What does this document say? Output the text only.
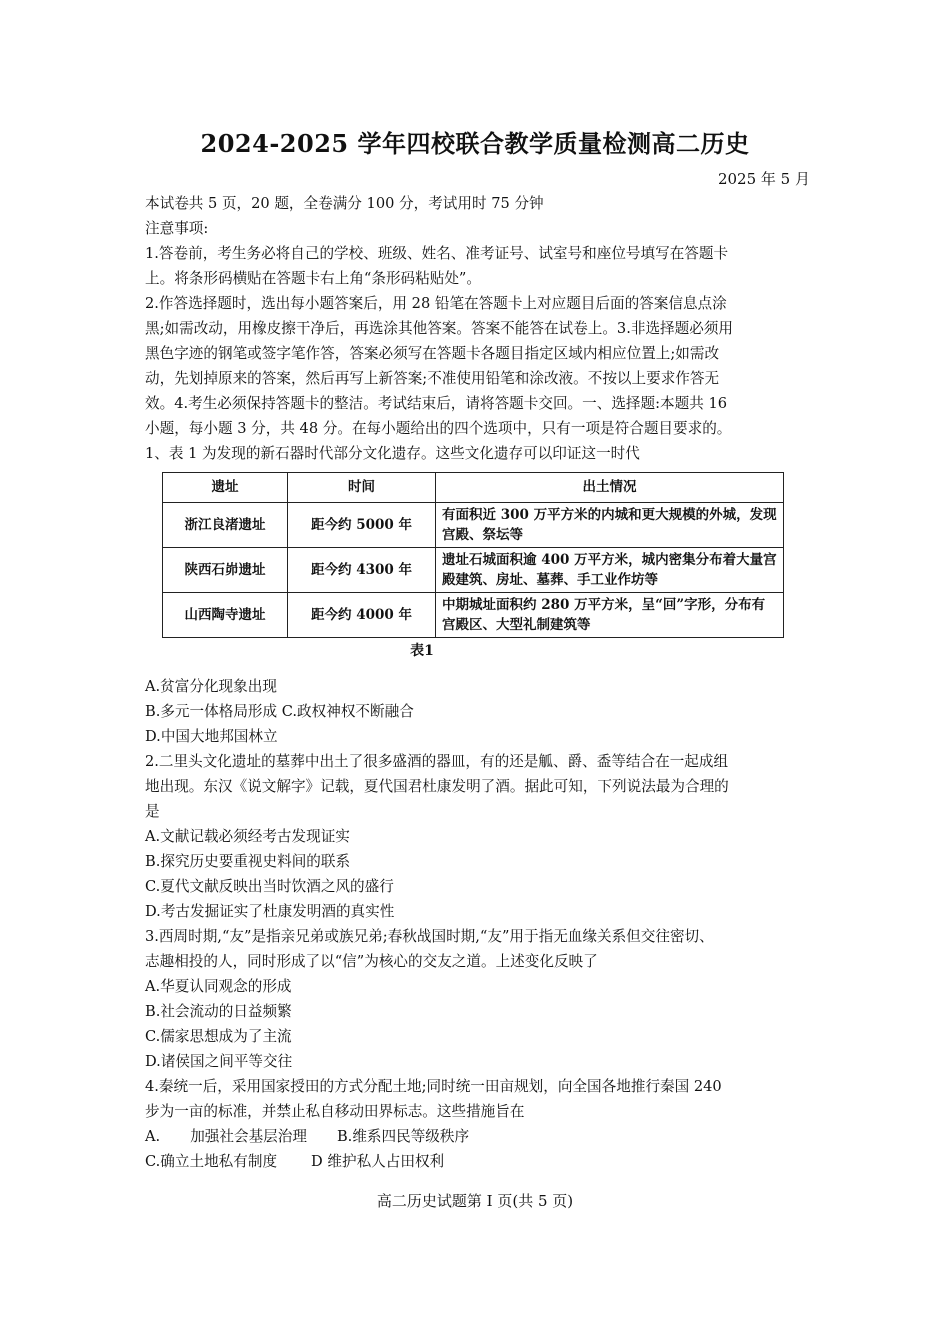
2024-2025 学年四校联合教学质量检测高二历史
2025 年 5 月
本试卷共 5 页，20 题，全卷满分 100 分，考试用时 75 分钟
注意事项:
1.答卷前，考生务必将自己的学校、班级、姓名、准考证号、试室号和座位号填写在答题卡
上。将条形码横贴在答题卡右上角“条形码粘贴处”。
2.作答选择题时，选出每小题答案后，用 28 铅笔在答题卡上对应题目后面的答案信息点涂
黑;如需改动，用橡皮擦干净后，再选涂其他答案。答案不能答在试卷上。3.非选择题必须用
黑色字迹的钢笔或签字笔作答，答案必须写在答题卡各题目指定区域内相应位置上;如需改
动，先划掉原来的答案，然后再写上新答案;不准使用铅笔和涂改液。不按以上要求作答无
效。4.考生必须保持答题卡的整洁。考试结束后，请将答题卡交回。一、选择题:本题共 16
小题，每小题 3 分，共 48 分。在每小题给出的四个选项中，只有一项是符合题目要求的。
1、表 1 为发现的新石器时代部分文化遗存。这些文化遗存可以印证这一时代
遗址	时间	出土情况
浙江良渚遗址	距今约 5000 年	有面积近 300 万平方米的内城和更大规模的外城，发现宫殿、祭坛等
陕西石峁遗址	距今约 4300 年	遗址石城面积逾 400 万平方米，城内密集分布着大量宫殿建筑、房址、墓葬、手工业作坊等
山西陶寺遗址	距今约 4000 年	中期城址面积约 280 万平方米，呈“回”字形，分布有宫殿区、大型礼制建筑等
表1
A.贫富分化现象出现
B.多元一体格局形成 C.政权神权不断融合
D.中国大地邦国林立
2.二里头文化遗址的墓葬中出土了很多盛酒的器皿，有的还是觚、爵、盉等结合在一起成组
地出现。东汉《说文解字》记载，夏代国君杜康发明了酒。据此可知，下列说法最为合理的
是
A.文献记载必须经考古发现证实
B.探究历史要重视史料间的联系
C.夏代文献反映出当时饮酒之风的盛行
D.考古发掘证实了杜康发明酒的真实性
3.西周时期,“友”是指亲兄弟或族兄弟;春秋战国时期,“友”用于指无血缘关系但交往密切、
志趣相投的人，同时形成了以“信”为核心的交友之道。上述变化反映了
A.华夏认同观念的形成
B.社会流动的日益频繁
C.儒家思想成为了主流
D.诸侯国之间平等交往
4.秦统一后，采用国家授田的方式分配土地;同时统一田亩规划，向全国各地推行秦国 240
步为一亩的标准，并禁止私自移动田界标志。这些措施旨在
A. 加强社会基层治理 B.维系四民等级秩序
C.确立土地私有制度 D 维护私人占田权利
高二历史试题第 I 页(共 5 页)
